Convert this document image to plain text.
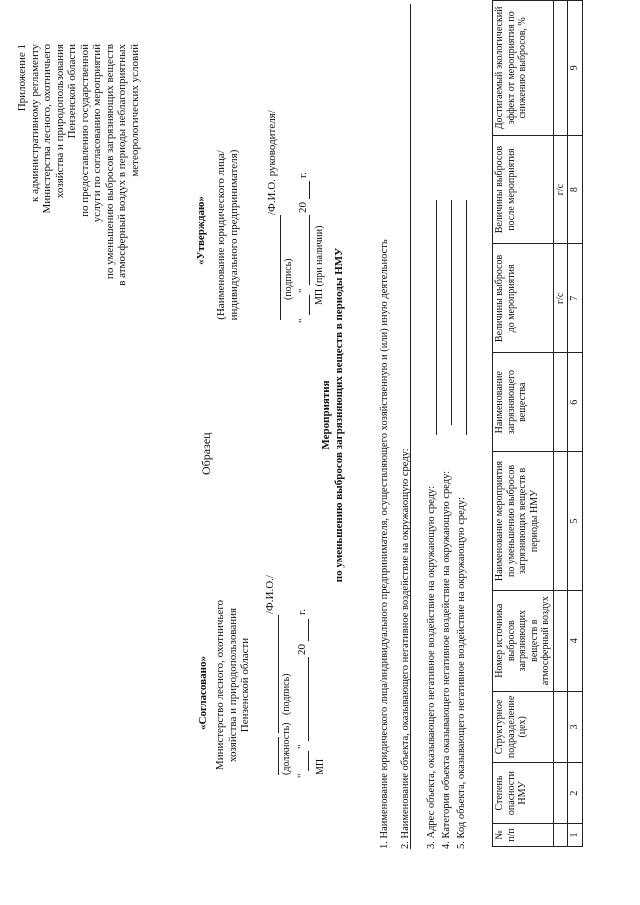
Приложение 1 к административному регламенту Министерства лесного, охотничьего хозяйства и природопользования Пензенской области по предоставлению государственной услуги по согласованию мероприятий по уменьшению выбросов загрязняющих веществ в атмосферный воздух в периоды неблагоприятных метеорологических условий
«Утверждаю» (Наименование юридического лица/ индивидуального предпринимателя) /Ф.И.О. руководителя/
(подпись)
"
"
20
г.
МП (при наличии)
Образец
«Согласовано» Министерство лесного, охотничьего хозяйства и природопользования Пензенской области
/Ф.И.О./
(должность)
(подпись)
"
"
20
г.
МП
Мероприятия по уменьшению выбросов загрязняющих веществ в периоды НМУ	1. Наименование юридического лица/индивидуального предпринимателя, осуществляющего хозяйственную и (или) иную деятельность 2. Наименование объекта, оказывающего негативное воздействие на окружающую среду: 3. Адрес объекта, оказывающего негативное воздействие на окружающую среду: 4. Категория объекта оказывающего негативное воздействие на окружающую среду: 5. Код объекта, оказывающего негативное воздействие на окружающую среду:	№ п/п	Степень опасности НМУ	Структурное подразделение (цех)	Номер источника выбросов загрязняющих веществ в атмосферный воздух	Наименование мероприятия по уменьшению выбросов загрязняющих веществ в периоды НМУ	Наименование загрязняющего вещества	Величины выбросов до мероприятия	Величины выбросов после мероприятия	Достигаемый экологический эффект от мероприятия по снижению выбросов, %
						г/с	г/с	
1	2	3	4	5	6	7	8	9
